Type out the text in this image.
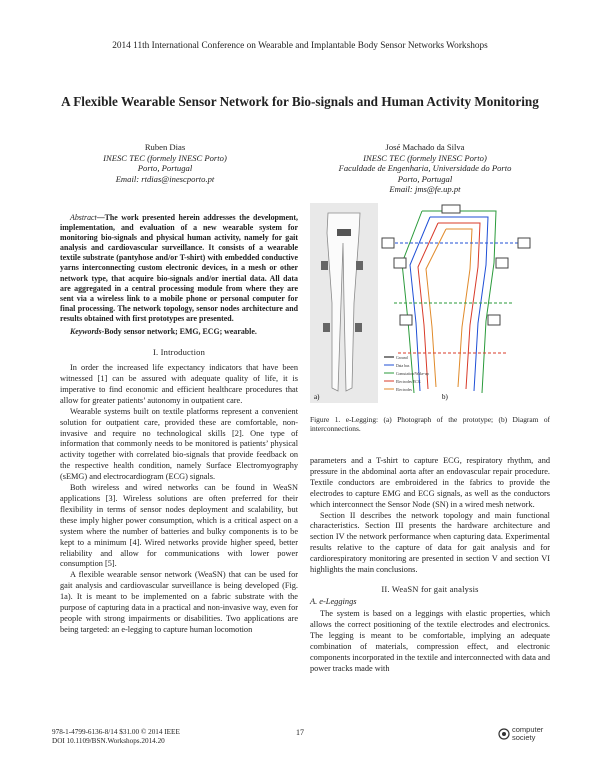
2014 11th International Conference on Wearable and Implantable Body Sensor Networks Workshops
A Flexible Wearable Sensor Network for Bio-signals and Human Activity Monitoring
Ruben Dias
INESC TEC (formely INESC Porto)
Porto, Portugal
Email: rtdias@inescporto.pt
José Machado da Silva
INESC TEC (formely INESC Porto)
Faculdade de Engenharia, Universidade do Porto
Porto, Portugal
Email: jms@fe.up.pt
Abstract—The work presented herein addresses the development, implementation, and evaluation of a new wearable system for monitoring bio-signals and physical human activity, namely for gait analysis and cardiovascular surveillance. It consists of a wearable textile substrate (pantyhose and/or T-shirt) with embedded conductive yarns interconnecting custom electronic devices, in a mesh or other network type, that acquire bio-signals and/or inertial data. All data are aggregated in a central processing module from where they are sent via a wireless link to a mobile phone or personal computer for final processing. The network topology, sensor nodes architecture and results obtained with first prototypes are presented.
Keywords-Body sensor network; EMG, ECG; wearable.
I. Introduction

In order the increased life expectancy indicators that have been witnessed [1] can be assured with adequate quality of life, it is imperative to find economic and efficient healthcare procedures that allow for greater patients’ autonomy in outpatient care.

Wearable systems built on textile platforms represent a convenient solution for outpatient care, provided these are comfortable, non-invasive and require no technological skills [2]. One type of information that commonly needs to be monitored is patients’ physical activity together with correlated bio-signals that provide feedback on the respective health condition, namely Surface Electromyography (sEMG) and electrocardiogram (ECG) signals.

Both wireless and wired networks can be found in WeaSN applications [3]. Wireless solutions are often preferred for their flexibility in terms of sensor nodes deployment and scalability, but these imply higher power consumption, which is a critical aspect on a system where the number of batteries and bulky components is to be kept to a minimum [4]. Wired networks provide higher speed, better reliability and allow for communications with lower power consumption [5].

A flexible wearable sensor network (WeaSN) that can be used for gait analysis and cardiovascular surveillance is being developed (Fig. 1a). It is meant to be implemented on a fabric substrate with the purpose of capturing data in a practical and non-invasive way, even for people with strong impairments or disabilities. Two applications are being targeted: an e-legging to capture human locomotion

a)
Ground
Data bus
Comutation/Wake-up
Electrodes ECG
Electrodes
b)
Figure 1. e-Legging: (a) Photograph of the prototype; (b) Diagram of interconnections.

parameters and a T-shirt to capture ECG, respiratory rhythm, and pressure in the abdominal aorta after an endovascular repair procedure. Textile conductors are embroidered in the fabrics to provide the electrodes to capture EMG and ECG signals, as well as the conductors which interconnect the Sensor Node (SN) in a wired mesh network.

Section II describes the network topology and main functional characteristics. Section III presents the hardware architecture and section IV the network performance when capturing data. Experimental results relative to the capture of data for gait analysis and for cardiorespiratory monitoring are presented in section V and section VI highlights the main conclusions.

II. WeaSN for gait analysis
A. e-Leggings

The system is based on a leggings with elastic properties, which allows the correct positioning of the textile electrodes and electronics. The legging is meant to be comfortable, implying an adequate combination of materials, compression effect, and electronic components incorporated in the textile and interconnected with data and power tracks made with

978-1-4799-6136-8/14 $31.00 © 2014 IEEE
DOI 10.1109/BSN.Workshops.2014.20
17	computer
society
